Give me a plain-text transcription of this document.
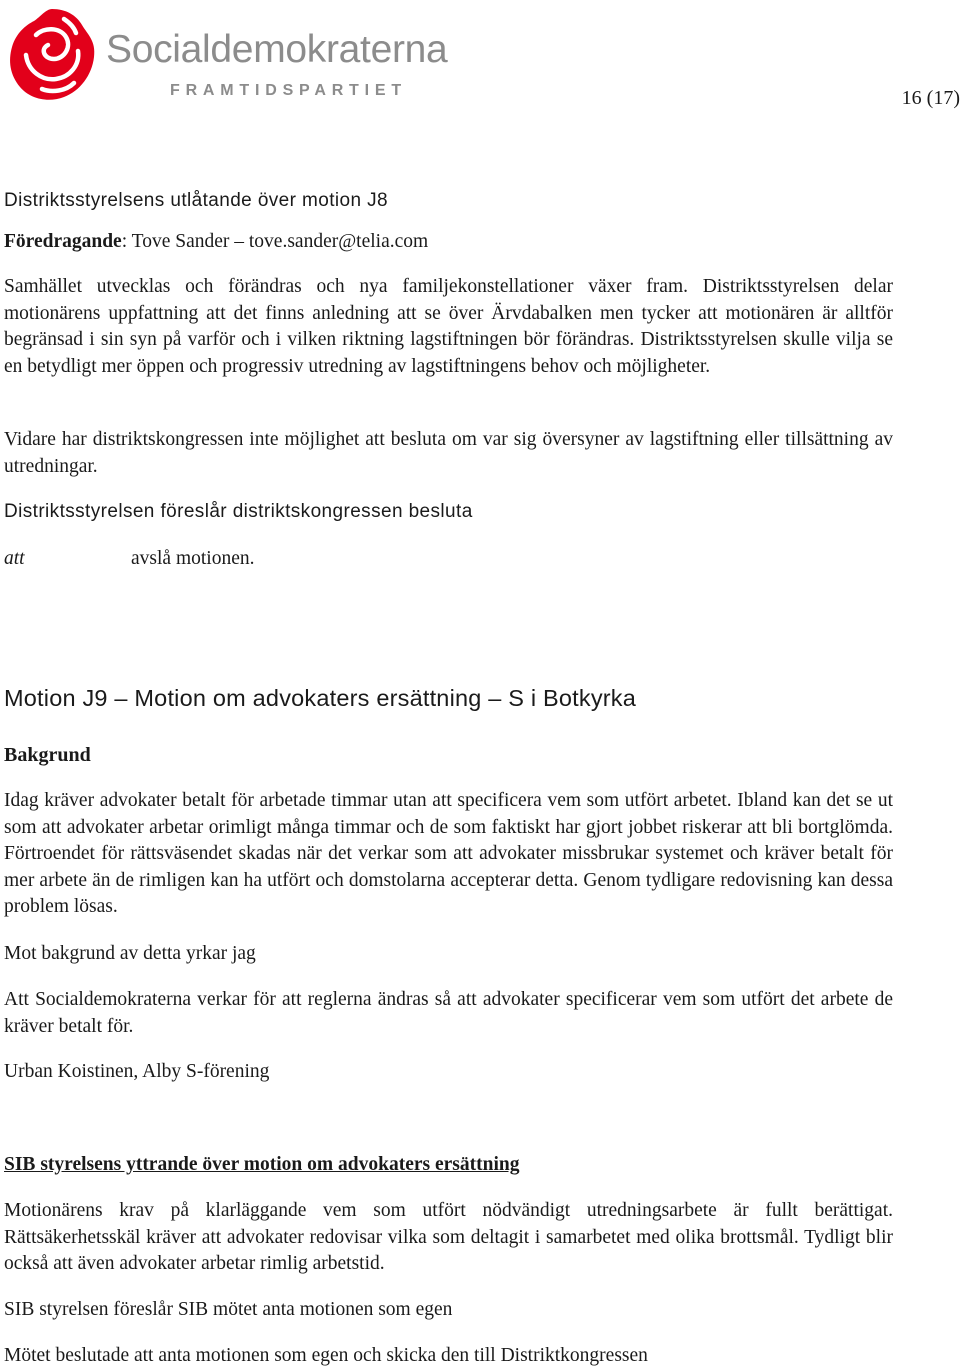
Socialdemokraterna
FRAMTIDSPARTIET	16 (17)
Distriktsstyrelsens utlåtande över motion J8
Föredragande: Tove Sander – tove.sander@telia.com
Samhället utvecklas och förändras och nya familjekonstellationer växer fram. Distriktsstyrelsen delar motionärens uppfattning att det finns anledning att se över Ärvdabalken men tycker att motionären är alltför begränsad i sin syn på varför och i vilken riktning lagstiftningen bör förändras. Distriktsstyrelsen skulle vilja se en betydligt mer öppen och progressiv utredning av lagstiftningens behov och möjligheter.
Vidare har distriktskongressen inte möjlighet att besluta om var sig översyner av lagstiftning eller tillsättning av utredningar.
Distriktsstyrelsen föreslår distriktskongressen besluta
att	avslå motionen.
Motion J9 – Motion om advokaters ersättning – S i Botkyrka
Bakgrund
Idag kräver advokater betalt för arbetade timmar utan att specificera vem som utfört arbetet. Ibland kan det se ut som att advokater arbetar orimligt många timmar och de som faktiskt har gjort jobbet riskerar att bli bortglömda. Förtroendet för rättsväsendet skadas när det verkar som att advokater missbrukar systemet och kräver betalt för mer arbete än de rimligen kan ha utfört och domstolarna accepterar detta. Genom tydligare redovisning kan dessa problem lösas.
Mot bakgrund av detta yrkar jag
Att Socialdemokraterna verkar för att reglerna ändras så att advokater specificerar vem som utfört det arbete de kräver betalt för.
Urban Koistinen, Alby S-förening
SIB styrelsens yttrande över motion om advokaters ersättning
Motionärens krav på klarläggande vem som utfört nödvändigt utredningsarbete är fullt berättigat. Rättsäkerhetsskäl kräver att advokater redovisar vilka som deltagit i samarbetet med olika brottsmål. Tydligt blir också att även advokater arbetar rimlig arbetstid.
SIB styrelsen föreslår SIB mötet anta motionen som egen
Mötet beslutade att anta motionen som egen och skicka den till Distriktkongressen
